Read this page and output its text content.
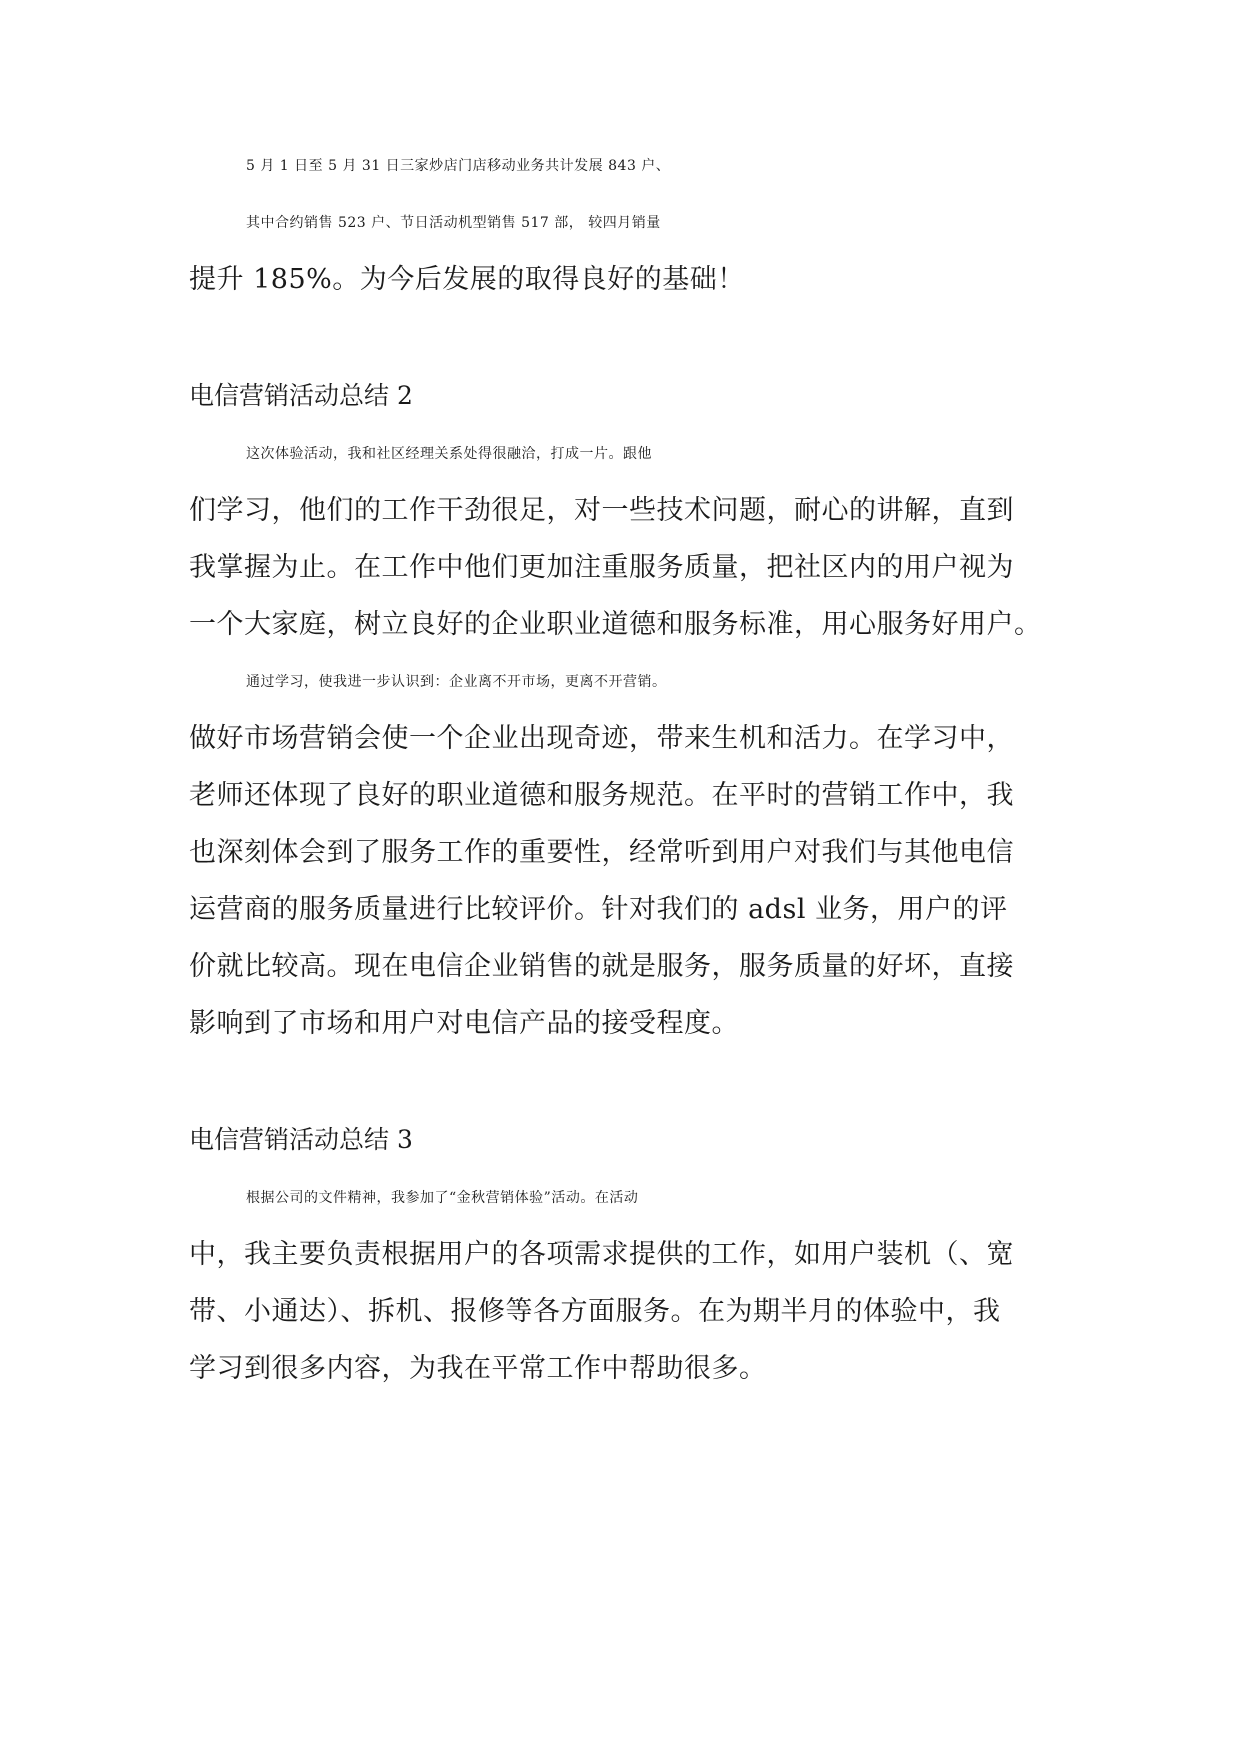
5 月 1 日至 5 月 31 日三家炒店门店移动业务共计发展 843 户、
其中合约销售 523 户、节日活动机型销售 517 部， 较四月销量
提升 185%。为今后发展的取得良好的基础！
电信营销活动总结 2
这次体验活动，我和社区经理关系处得很融洽，打成一片。跟他
们学习，他们的工作干劲很足，对一些技术问题，耐心的讲解，直到
我掌握为止。在工作中他们更加注重服务质量，把社区内的用户视为
一个大家庭，树立良好的企业职业道德和服务标准，用心服务好用户。
通过学习，使我进一步认识到：企业离不开市场，更离不开营销。
做好市场营销会使一个企业出现奇迹，带来生机和活力。在学习中，
老师还体现了良好的职业道德和服务规范。在平时的营销工作中，我
也深刻体会到了服务工作的重要性，经常听到用户对我们与其他电信
运营商的服务质量进行比较评价。针对我们的 adsl 业务，用户的评
价就比较高。现在电信企业销售的就是服务，服务质量的好坏，直接
影响到了市场和用户对电信产品的接受程度。
电信营销活动总结 3
根据公司的文件精神，我参加了“金秋营销体验”活动。在活动
中，我主要负责根据用户的各项需求提供的工作，如用户装机（、宽
带、小通达）、拆机、报修等各方面服务。在为期半月的体验中，我
学习到很多内容，为我在平常工作中帮助很多。
